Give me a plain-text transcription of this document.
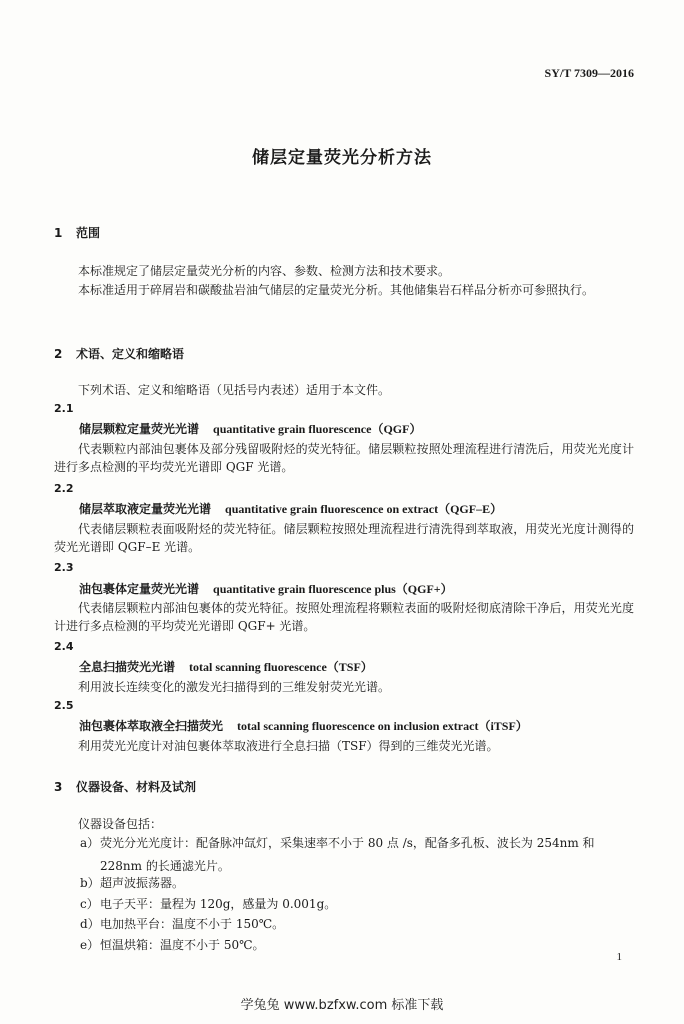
SY/T 7309—2016
储层定量荧光分析方法
1 范围
本标准规定了储层定量荧光分析的内容、参数、检测方法和技术要求。
本标准适用于碎屑岩和碳酸盐岩油气储层的定量荧光分析。其他储集岩石样品分析亦可参照执行。
2 术语、定义和缩略语
下列术语、定义和缩略语（见括号内表述）适用于本文件。
2.1
储层颗粒定量荧光光谱 quantitative grain fluorescence（QGF）
代表颗粒内部油包裹体及部分残留吸附烃的荧光特征。储层颗粒按照处理流程进行清洗后，用荧光光度计进行多点检测的平均荧光光谱即 QGF 光谱。
2.2
储层萃取液定量荧光光谱 quantitative grain fluorescence on extract（QGF–E）
代表储层颗粒表面吸附烃的荧光特征。储层颗粒按照处理流程进行清洗得到萃取液，用荧光光度计测得的荧光光谱即 QGF–E 光谱。
2.3
油包裹体定量荧光光谱 quantitative grain fluorescence plus（QGF+）
代表储层颗粒内部油包裹体的荧光特征。按照处理流程将颗粒表面的吸附烃彻底清除干净后，用荧光光度计进行多点检测的平均荧光光谱即 QGF+ 光谱。
2.4
全息扫描荧光光谱 total scanning fluorescence（TSF）
利用波长连续变化的激发光扫描得到的三维发射荧光光谱。
2.5
油包裹体萃取液全扫描荧光 total scanning fluorescence on inclusion extract（iTSF）
利用荧光光度计对油包裹体萃取液进行全息扫描（TSF）得到的三维荧光光谱。
3 仪器设备、材料及试剂
仪器设备包括：
a）荧光分光光度计：配备脉冲氙灯，采集速率不小于 80 点 /s，配备多孔板、波长为 254nm 和
228nm 的长通滤光片。
b）超声波振荡器。
c）电子天平：量程为 120g，感量为 0.001g。
d）电加热平台：温度不小于 150℃。
e）恒温烘箱：温度不小于 50℃。
1
学兔兔 www.bzfxw.com 标准下载
